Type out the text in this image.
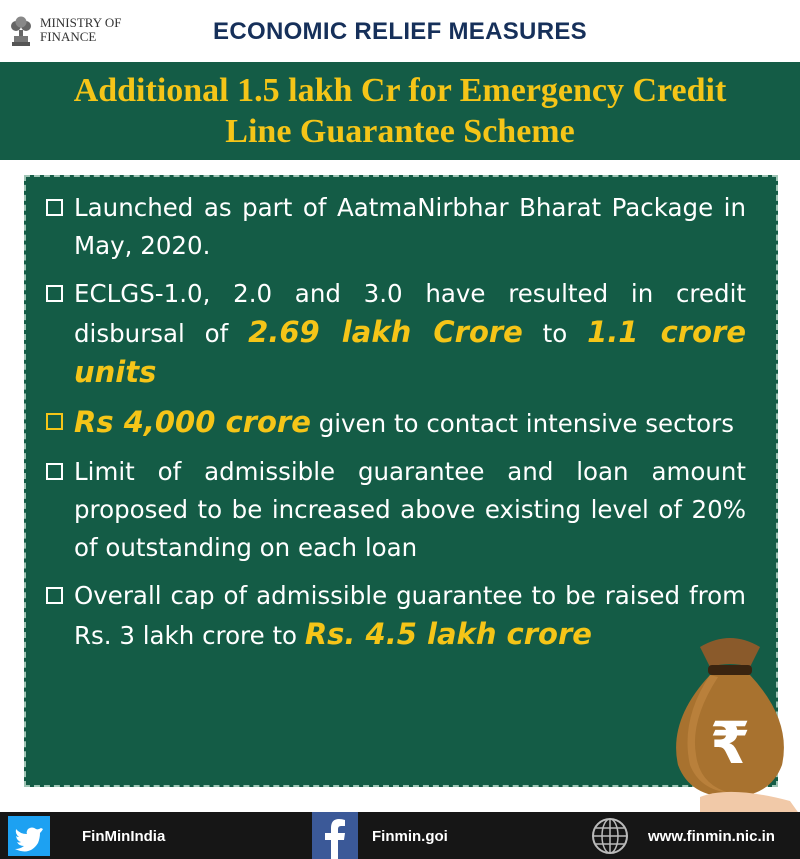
MINISTRY OF
FINANCE	ECONOMIC RELIEF MEASURES
Additional 1.5 lakh Cr for Emergency Credit
Line Guarantee Scheme
Launched as part of AatmaNirbhar Bharat Package in May, 2020.
ECLGS-1.0, 2.0 and 3.0 have resulted in credit disbursal of 2.69 lakh Crore to 1.1 crore units
Rs 4,000 crore given to contact intensive sectors
Limit of admissible guarantee and loan amount proposed to be increased above existing level of 20% of outstanding on each loan
Overall cap of admissible guarantee to be raised from Rs. 3 lakh crore to Rs. 4.5 lakh crore
₹
FinMinIndia	Finmin.goi	www.finmin.nic.in
